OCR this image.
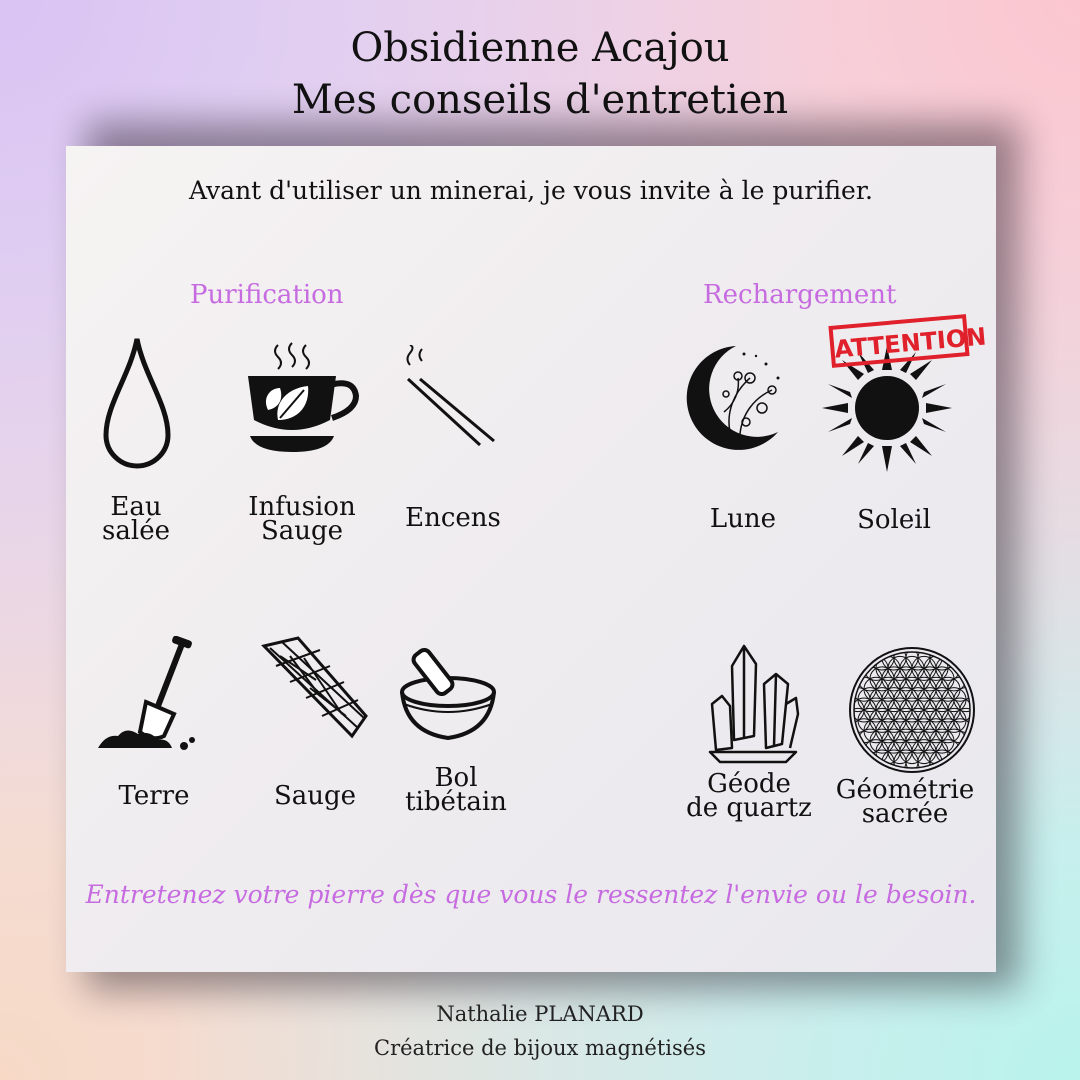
Obsidienne Acajou
Mes conseils d'entretien
Avant d'utiliser un minerai, je vous invite à le purifier.
Purification	Rechargement
Eau
salée
Infusion
Sauge	Encens	Lune
ATTENTION
Soleil
Terre	Sauge
Bol
tibétain
Géode
de quartz
Géométrie
sacrée
Entretenez votre pierre dès que vous le ressentez l'envie ou le besoin.
Nathalie PLANARD
Créatrice de bijoux magnétisés
